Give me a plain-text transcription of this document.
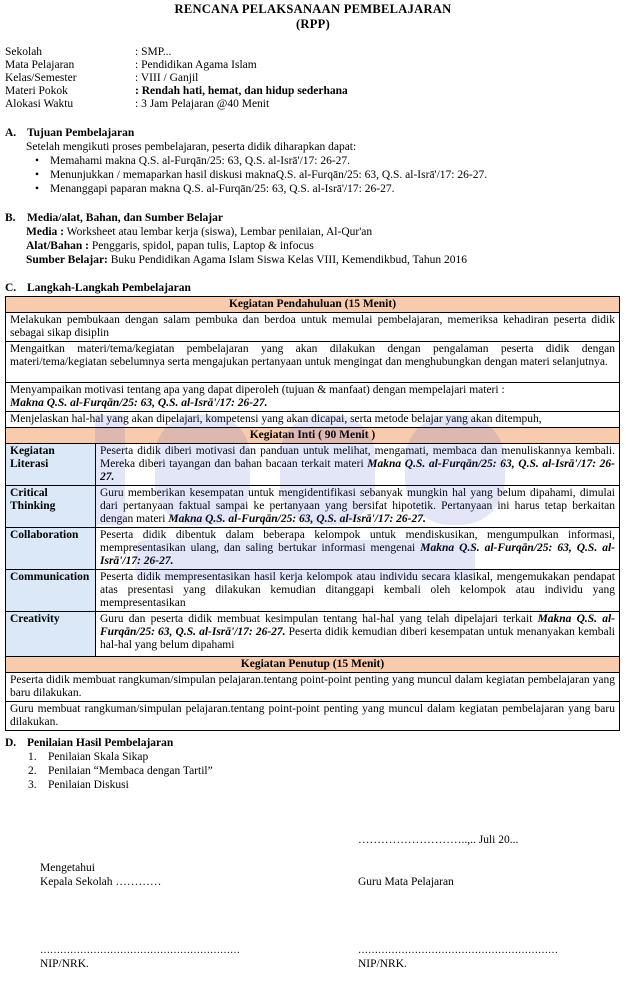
RENCANA PELAKSANAAN PEMBELAJARAN
(RPP)
Sekolah	: SMP...
Mata Pelajaran	: Pendidikan Agama Islam
Kelas/Semester	: VIII / Ganjil
Materi Pokok	: Rendah hati, hemat, dan hidup sederhana
Alokasi Waktu	: 3 Jam Pelajaran @40 Menit
A. Tujuan Pembelajaran
Setelah mengikuti proses pembelajaran, peserta didik diharapkan dapat:
• Memahami makna Q.S. al-Furqān/25: 63, Q.S. al-Isrā'/17: 26-27.
• Menunjukkan / memaparkan hasil diskusi maknaQ.S. al-Furqān/25: 63, Q.S. al-Isrā'/17: 26-27.
• Menanggapi paparan makna Q.S. al-Furqān/25: 63, Q.S. al-Isrā'/17: 26-27.
B. Media/alat, Bahan, dan Sumber Belajar
Media : Worksheet atau lembar kerja (siswa), Lembar penilaian, Al-Qur'an
Alat/Bahan : Penggaris, spidol, papan tulis, Laptop & infocus
Sumber Belajar: Buku Pendidikan Agama Islam Siswa Kelas VIII, Kemendikbud, Tahun 2016
C. Langkah-Langkah Pembelajaran
Kegiatan Pendahuluan (15 Menit)	
Melakukan pembukaan dengan salam pembuka dan berdoa untuk memulai pembelajaran, memeriksa kehadiran peserta didik sebagai sikap disiplin	
Mengaitkan materi/tema/kegiatan pembelajaran yang akan dilakukan dengan pengalaman peserta didik dengan materi/tema/kegiatan sebelumnya serta mengajukan pertanyaan untuk mengingat dan menghubungkan dengan materi selanjutnya.	
Menyampaikan motivasi tentang apa yang dapat diperoleh (tujuan & manfaat) dengan mempelajari materi :
Makna Q.S. al-Furqān/25: 63, Q.S. al-Isrā'/17: 26-27.	
Menjelaskan hal-hal yang akan dipelajari, kompetensi yang akan dicapai, serta metode belajar yang akan ditempuh,	
Kegiatan Inti ( 90 Menit )	
Kegiatan Literasi	Peserta didik diberi motivasi dan panduan untuk melihat, mengamati, membaca dan menuliskannya kembali. Mereka diberi tayangan dan bahan bacaan terkait materi Makna Q.S. al-Furqān/25: 63, Q.S. al-Isrā'/17: 26-27.
Critical Thinking	Guru memberikan kesempatan untuk mengidentifikasi sebanyak mungkin hal yang belum dipahami, dimulai dari pertanyaan faktual sampai ke pertanyaan yang bersifat hipotetik. Pertanyaan ini harus tetap berkaitan dengan materi Makna Q.S. al-Furqān/25: 63, Q.S. al-Isrā'/17: 26-27.
Collaboration	Peserta didik dibentuk dalam beberapa kelompok untuk mendiskusikan, mengumpulkan informasi, mempresentasikan ulang, dan saling bertukar informasi mengenai Makna Q.S. al-Furqān/25: 63, Q.S. al-Isrā'/17: 26-27.
Communication	Peserta didik mempresentasikan hasil kerja kelompok atau individu secara klasikal, mengemukakan pendapat atas presentasi yang dilakukan kemudian ditanggapi kembali oleh kelompok atau individu yang mempresentasikan
Creativity	Guru dan peserta didik membuat kesimpulan tentang hal-hal yang telah dipelajari terkait Makna Q.S. al-Furqān/25: 63, Q.S. al-Isrā'/17: 26-27. Peserta didik kemudian diberi kesempatan untuk menanyakan kembali hal-hal yang belum dipahami
Kegiatan Penutup (15 Menit)	
Peserta didik membuat rangkuman/simpulan pelajaran.tentang point-point penting yang muncul dalam kegiatan pembelajaran yang baru dilakukan.	
Guru membuat rangkuman/simpulan pelajaran.tentang point-point penting yang muncul dalam kegiatan pembelajaran yang baru dilakukan.	
D. Penilaian Hasil Pembelajaran
1. Penilaian Skala Sikap
2. Penilaian “Membaca dengan Tartil”
3. Penilaian Diskusi
………………………..,.. Juli 20...
Mengetahui
Kepala Sekolah …………	Guru Mata Pelajaran
……………………………………………………	……………………………………………………
NIP/NRK.	NIP/NRK.
